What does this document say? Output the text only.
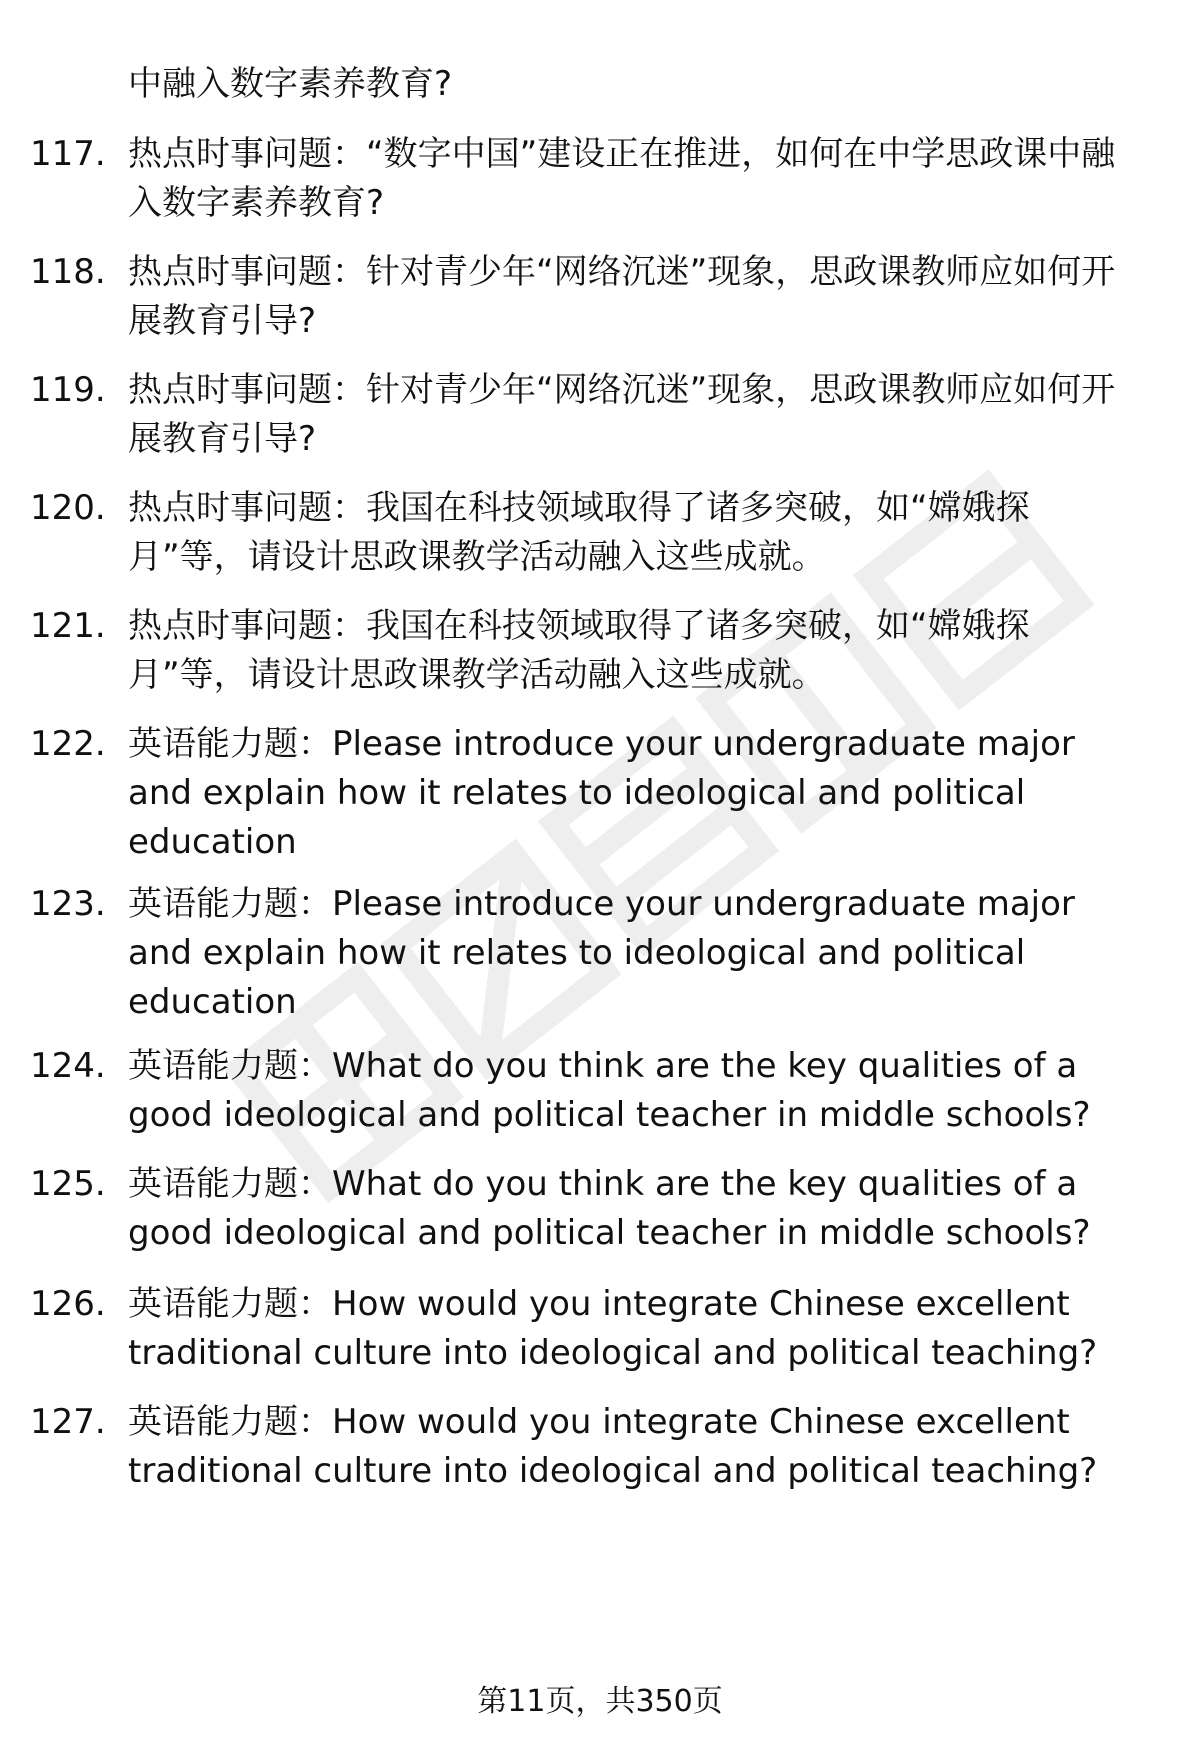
中融入数字素养教育?
117. 热点时事问题：“数字中国”建设正在推进，如何在中学思政课中融入数字素养教育?
118. 热点时事问题：针对青少年“网络沉迷”现象，思政课教师应如何开展教育引导?
119. 热点时事问题：针对青少年“网络沉迷”现象，思政课教师应如何开展教育引导?
120. 热点时事问题：我国在科技领域取得了诸多突破，如“嫦娥探月”等，请设计思政课教学活动融入这些成就。
121. 热点时事问题：我国在科技领域取得了诸多突破，如“嫦娥探月”等，请设计思政课教学活动融入这些成就。
122. 英语能力题：Please introduce your undergraduate major and explain how it relates to ideological and political education
123. 英语能力题：Please introduce your undergraduate major and explain how it relates to ideological and political education
124. 英语能力题：What do you think are the key qualities of a good ideological and political teacher in middle schools?
125. 英语能力题：What do you think are the key qualities of a good ideological and political teacher in middle schools?
126. 英语能力题：How would you integrate Chinese excellent traditional culture into ideological and political teaching?
127. 英语能力题：How would you integrate Chinese excellent traditional culture into ideological and political teaching?
第11页，共350页
